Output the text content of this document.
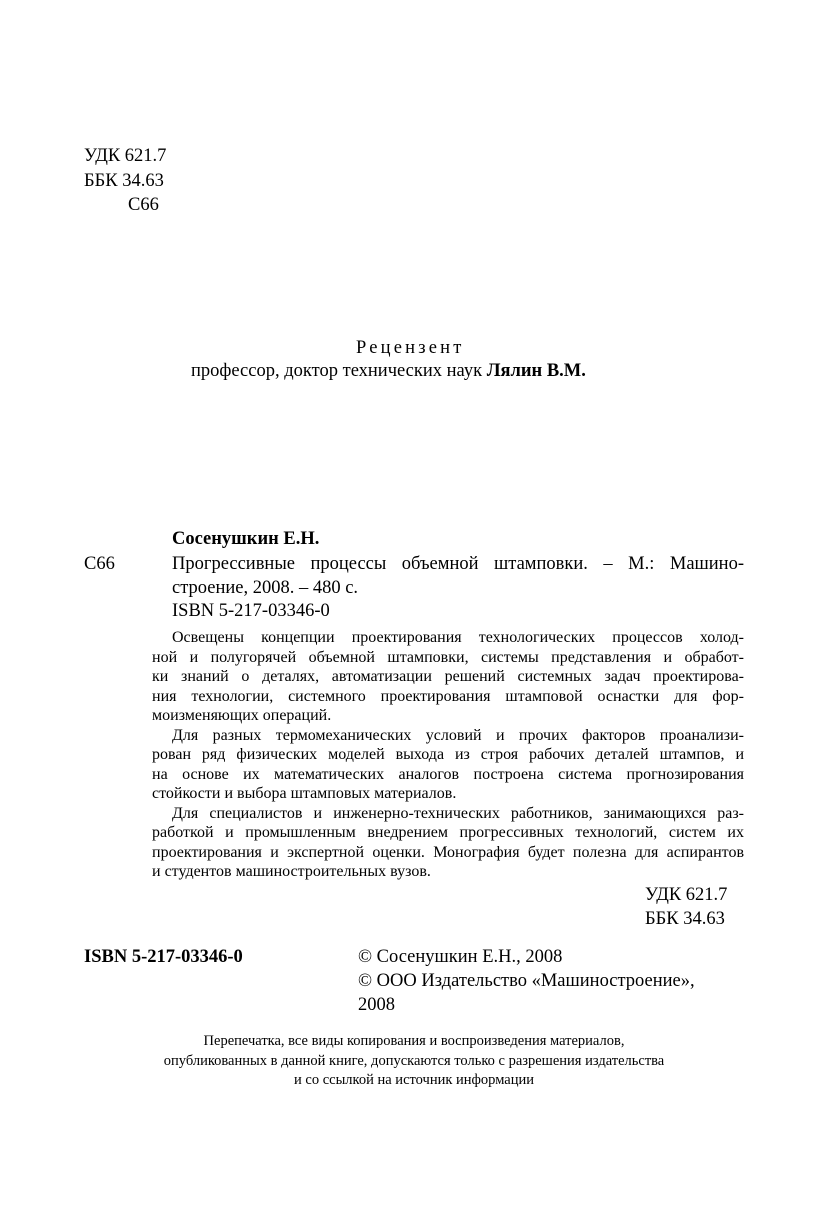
УДК 621.7
ББК 34.63
С66
Рецензент
профессор, доктор технических наук Лялин В.М.
Сосенушкин Е.Н.
С66	Прогрессивные процессы объемной штамповки. – М.: Машино-
строение, 2008. – 480 с.
ISBN 5-217-03346-0
Освещены концепции проектирования технологических процессов холод-
ной и полугорячей объемной штамповки, системы представления и обработ-
ки знаний о деталях, автоматизации решений системных задач проектирова-
ния технологии, системного проектирования штамповой оснастки для фор-
моизменяющих операций.
Для разных термомеханических условий и прочих факторов проанализи-
рован ряд физических моделей выхода из строя рабочих деталей штампов, и
на основе их математических аналогов построена система прогнозирования
стойкости и выбора штамповых материалов.
Для специалистов и инженерно-технических работников, занимающихся раз-
работкой и промышленным внедрением прогрессивных технологий, систем их
проектирования и экспертной оценки. Монография будет полезна для аспирантов
и студентов машиностроительных вузов.
УДК 621.7
ББК 34.63
ISBN 5-217-03346-0	© Сосенушкин Е.Н., 2008
© ООО Издательство «Машиностроение»,
2008
Перепечатка, все виды копирования и воспроизведения материалов,
опубликованных в данной книге, допускаются только с разрешения издательства
и со ссылкой на источник информации
